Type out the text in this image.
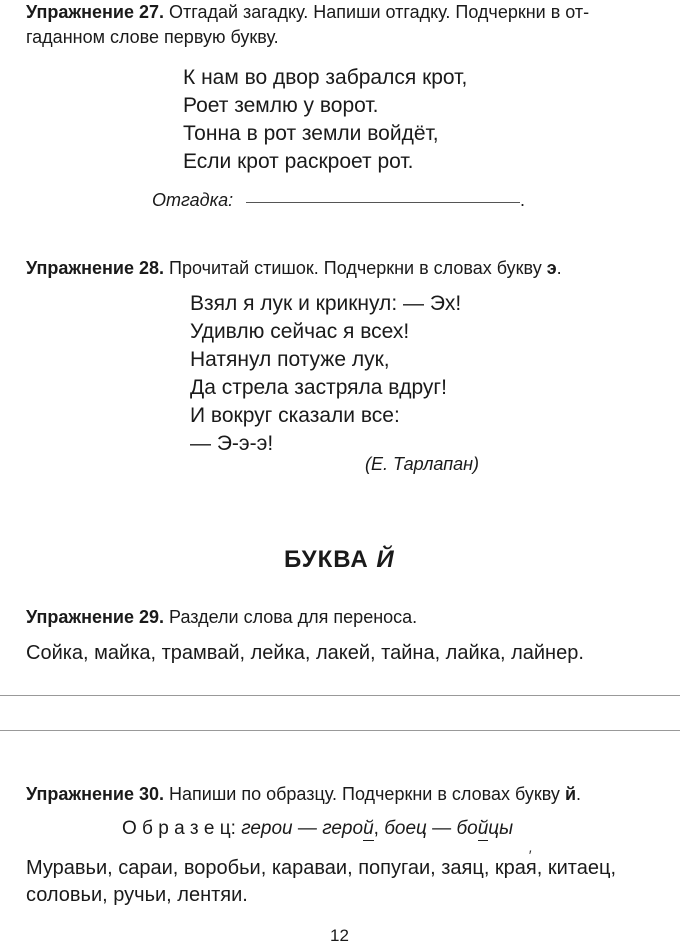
Упражнение 27. Отгадай загадку. Напиши отгадку. Подчеркни в от-
гаданном слове первую букву.
К нам во двор забрался крот,
Роет землю у ворот.
Тонна в рот земли войдёт,
Если крот раскроет рот.
Отгадка:	.
Упражнение 28. Прочитай стишок. Подчеркни в словах букву э.
Взял я лук и крикнул: — Эх!
Удивлю сейчас я всех!
Натянул потуже лук,
Да стрела застряла вдруг!
И вокруг сказали все:
— Э-э-э!
(Е. Тарлапан)
БУКВА Й
Упражнение 29. Раздели слова для переноса.
Сойка, майка, трамвай, лейка, лакей, тайна, лайка, лайнер.
Упражнение 30. Напиши по образцу. Подчеркни в словах букву й.
О б р а з е ц: герои — герой, боец — бойцы
Муравьи, сараи, воробьи, караваи, попугаи, заяц, кра′ я, китаец,
соловьи, ручьи, лентяи.
12
